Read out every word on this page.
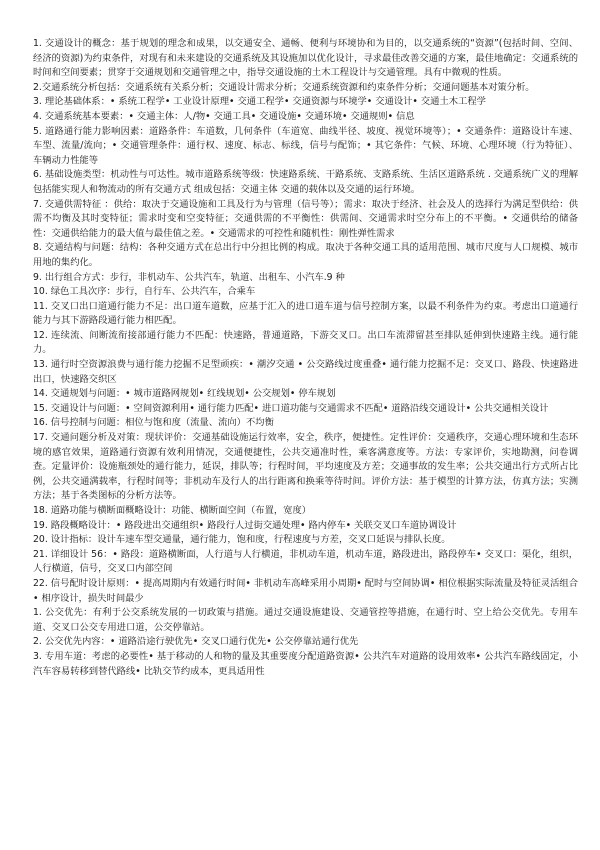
1. 交通设计的概念：基于规划的理念和成果，以交通安全、通畅、便利与环境协和为目的，以交通系统的“资源”(包括时间、空间、经济的资源)为约束条件，对现有和未来建设的交通系统及其设施加以优化设计，寻求最佳改善交通的方案，最佳地确定：交通系统的时间和空间要素；贯穿于交通规划和交通管理之中，指导交通设施的土木工程设计与交通管理。具有中微观的性质。

2.交通系统分析包括：交通系统有关系分析；交通设计需求分析；交通系统资源和约束条件分析；交通问题基本对策分析。

3. 理论基础体系：• 系统工程学• 工业设计原理• 交通工程学• 交通资源与环境学• 交通设计• 交通土木工程学

4. 交通系统基本要素：• 交通主体：人/物• 交通工具• 交通设施• 交通环境• 交通规则• 信息

5. 道路通行能力影响因素：道路条件：车道数，几何条件（车道宽、曲线半径、坡度、视觉环境等）；• 交通条件：道路设计车速、车型、流量/流向；• 交通管理条件：通行权、速度、标志、标线，信号与配饰；• 其它条件：气候、环境、心理环境（行为特征）、车辆动力性能等

6. 基础设施类型：机动性与可达性。城市道路系统等级：快速路系统、干路系统、支路系统、生活区道路系统 . 交通系统广义的理解包括能实现人和物流动的所有交通方式 组成包括：交通主体 交通的载体以及交通的运行环境。

7. 交通供需特征 ：供给：取决于交通设施和工具及行为与管理（信号等）；需求：取决于经济、社会及人的选择行为满足型供给：供需不均衡及其时变特征；需求时变和空变特征；交通供需的不平衡性：供需间、交通需求时空分布上的不平衡。• 交通供给的储备性：交通供给能力的最大值与最佳值之差。• 交通需求的可控性和随机性：刚性弹性需求

8. 交通结构与问题：结构：各种交通方式在总出行中分担比例的构成。取决于各种交通工具的适用范围、城市尺度与人口规模、城市用地的集约化。

9. 出行组合方式：步行，非机动车、公共汽车，轨道、出租车、小汽车.9 种

10. 绿色工具次序：步行，自行车、公共汽车，合乘车

11. 交叉口出口道通行能力不足：出口道车道数，应基于汇入的进口道车道与信号控制方案，以最不利条件为约束。考虑出口道通行能力与其下游路段通行能力相匹配。

12. 连续流、间断流衔接部通行能力不匹配：快速路，普通道路，下游交叉口。出口车流滞留甚至排队延伸到快速路主线。通行能力。

13. 通行时空资源浪费与通行能力挖掘不足型顽疾：• 潮汐交通 • 公交路线过度重叠• 通行能力挖掘不足：交叉口、路段、快速路进出口，快速路交织区

14. 交通规划与问题：• 城市道路网规划• 红线规划• 公交规划• 停车规划

15. 交通设计与问题：• 空间资源利用• 通行能力匹配• 进口道功能与交通需求不匹配• 道路沿线交通设计• 公共交通相关设计

16. 信号控制与问题：相位与饱和度（流量、流向）不均衡

17. 交通问题分析及对策：现状评价：交通基础设施运行效率，安全，秩序，便捷性。定性评价：交通秩序，交通心理环境和生态环境的感官效果，道路通行资源有效利用情况，交通便捷性，公共交通准时性，乘客满意度等。方法：专家评价，实地勘测，问卷调查。定量评价：设施瓶颈处的通行能力，延误，排队等；行程时间，平均速度及方差；交通事故的发生率；公共交通出行方式所占比例，公共交通满载率，行程时间等；非机动车及行人的出行距离和换乘等待时间。评价方法：基于模型的计算方法，仿真方法；实测方法；基于各类图标的分析方法等。

18. 道路功能与横断面概略设计：功能、横断面空间（布置，宽度）

19. 路段概略设计：• 路段进出交通组织• 路段行人过街交通处理• 路内停车• 关联交叉口车道协调设计

20. 设计指标：设计车速车型交通量，通行能力，饱和度，行程速度与方差，交叉口延误与排队长度。

21. 详细设计 56：• 路段：道路横断面，人行道与人行横道，非机动车道，机动车道，路段进出，路段停车• 交叉口：渠化，组织，人行横道，信号，交叉口内部空间

22. 信号配时设计原则：• 提高周期内有效通行时间• 非机动车高峰采用小周期• 配时与空间协调• 相位根据实际流量及特征灵活组合• 相序设计，损失时间最少

1. 公交优先：有利于公交系统发展的一切政策与措施。通过交通设施建设、交通管控等措施，在通行时、空上给公交优先。专用车道、交叉口公交专用进口道，公交停靠站。

2. 公交优先内容：• 道路沿途行驶优先• 交叉口通行优先• 公交停靠站通行优先

3. 专用车道：考虑的必要性• 基于移动的人和物的量及其重要度分配道路资源• 公共汽车对道路的设用效率• 公共汽车路线固定，小汽车容易转移到替代路线• 比轨交节约成本，更具适用性
